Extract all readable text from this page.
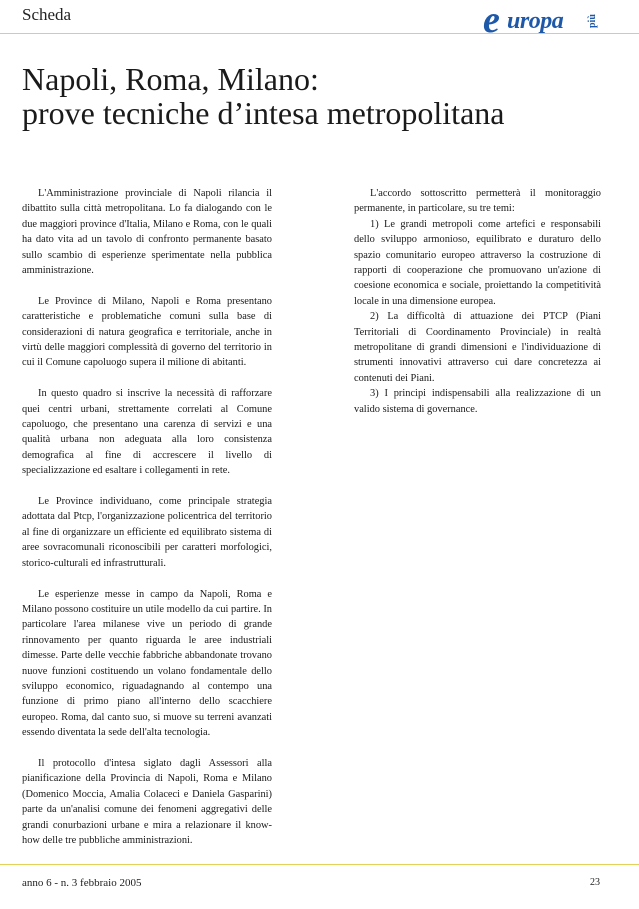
Scheda	e uropa più
Napoli, Roma, Milano:
prove tecniche d’intesa metropolitana

L'Amministrazione provinciale di Napoli rilancia il dibattito sulla città metropolitana. Lo fa dialogando con le due maggiori province d'Italia, Milano e Roma, con le quali ha dato vita ad un tavolo di confronto permanente basato sullo scambio di esperienze sperimentate nella pubblica amministrazione.

Le Province di Milano, Napoli e Roma presentano caratteristiche e problematiche comuni sulla base di considerazioni di natura geografica e territoriale, anche in virtù delle maggiori complessità di governo del territorio in cui il Comune capoluogo supera il milione di abitanti.

In questo quadro si inscrive la necessità di rafforzare quei centri urbani, strettamente correlati al Comune capoluogo, che presentano una carenza di servizi e una qualità urbana non adeguata alla loro consistenza demografica al fine di accrescere il livello di specializzazione ed esaltare i collegamenti in rete.

Le Province individuano, come principale strategia adottata dal Ptcp, l'organizzazione policentrica del territorio al fine di organizzare un efficiente ed equilibrato sistema di aree sovracomunali riconoscibili per caratteri morfologici, storico-culturali ed infrastrutturali.

Le esperienze messe in campo da Napoli, Roma e Milano possono costituire un utile modello da cui partire. In particolare l'area milanese vive un periodo di grande rinnovamento per quanto riguarda le aree industriali dimesse. Parte delle vecchie fabbriche abbandonate trovano nuove funzioni costituendo un volano fondamentale dello sviluppo economico, riguadagnando al contempo una funzione di primo piano all'interno dello scacchiere europeo. Roma, dal canto suo, si muove su terreni avanzati essendo diventata la sede dell'alta tecnologia.

Il protocollo d'intesa siglato dagli Assessori alla pianificazione della Provincia di Napoli, Roma e Milano (Domenico Moccia, Amalia Colaceci e Daniela Gasparini) parte da un'analisi comune dei fenomeni aggregativi delle grandi conurbazioni urbane e mira a relazionare il know-how delle tre pubbliche amministrazioni.

L'accordo sottoscritto permetterà il monitoraggio permanente, in particolare, su tre temi:

1) Le grandi metropoli come artefici e responsabili dello sviluppo armonioso, equilibrato e duraturo dello spazio comunitario europeo attraverso la costruzione di rapporti di cooperazione che promuovano un'azione di coesione economica e sociale, proiettando la competitività locale in una dimensione europea.

2) La difficoltà di attuazione dei PTCP (Piani Territoriali di Coordinamento Provinciale) in realtà metropolitane di grandi dimensioni e l'individuazione di strumenti innovativi attraverso cui dare concretezza ai contenuti dei Piani.

3) I principi indispensabili alla realizzazione di un valido sistema di governance.

anno 6 - n. 3 febbraio 2005	23
